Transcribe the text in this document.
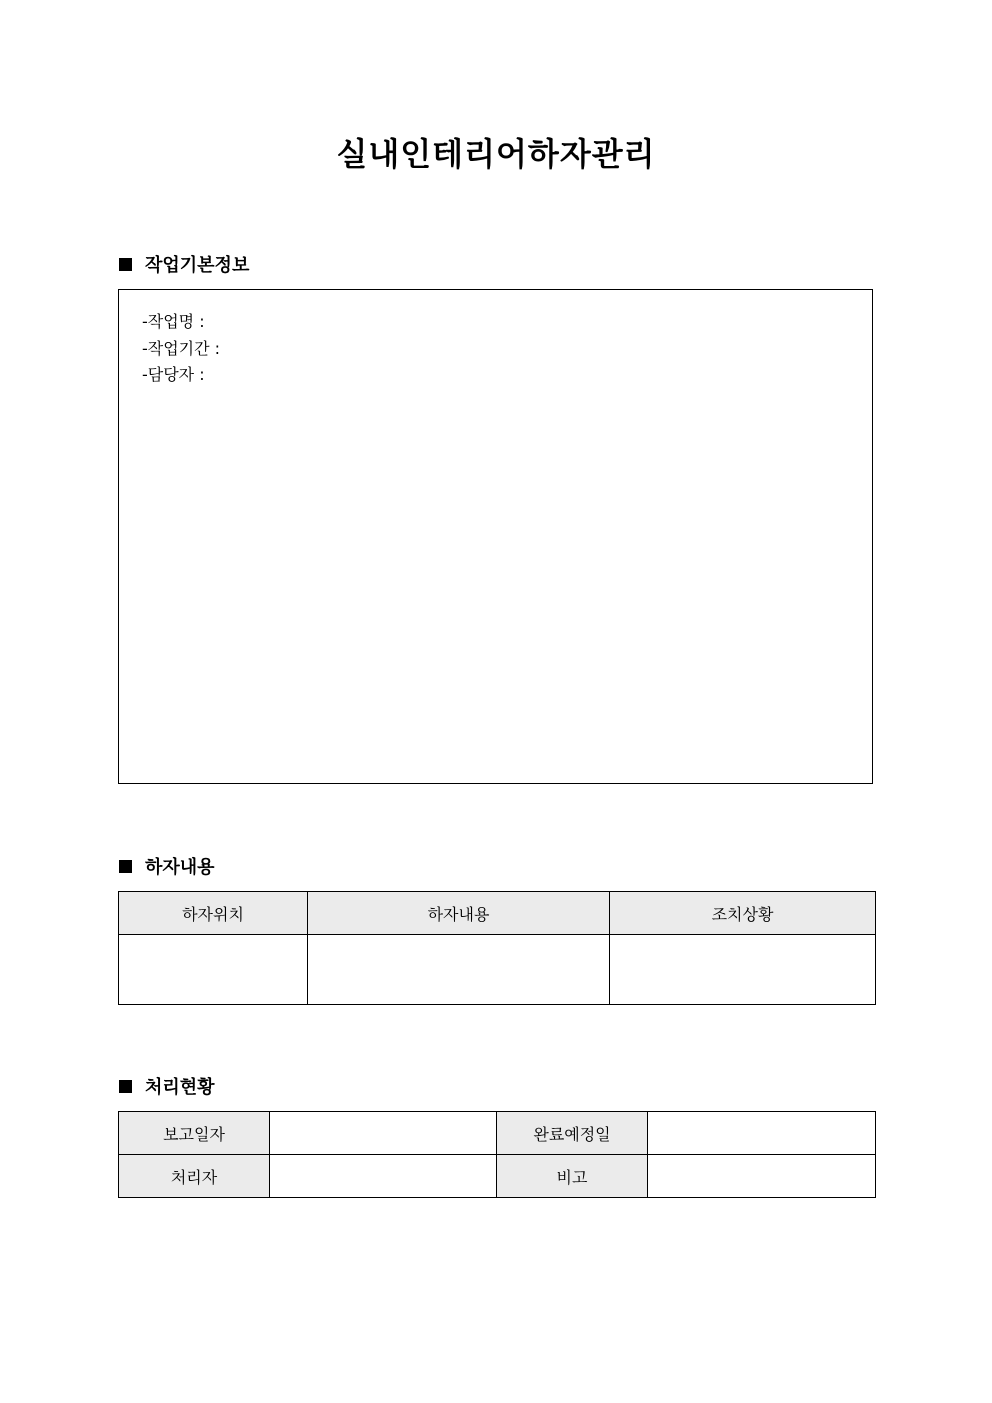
실내인테리어하자관리
작업기본정보
-작업명 :
-작업기간 :
-담당자 :
하자내용
하자위치	하자내용	조치상황

처리현황
보고일자		완료예정일	
처리자		비고	
